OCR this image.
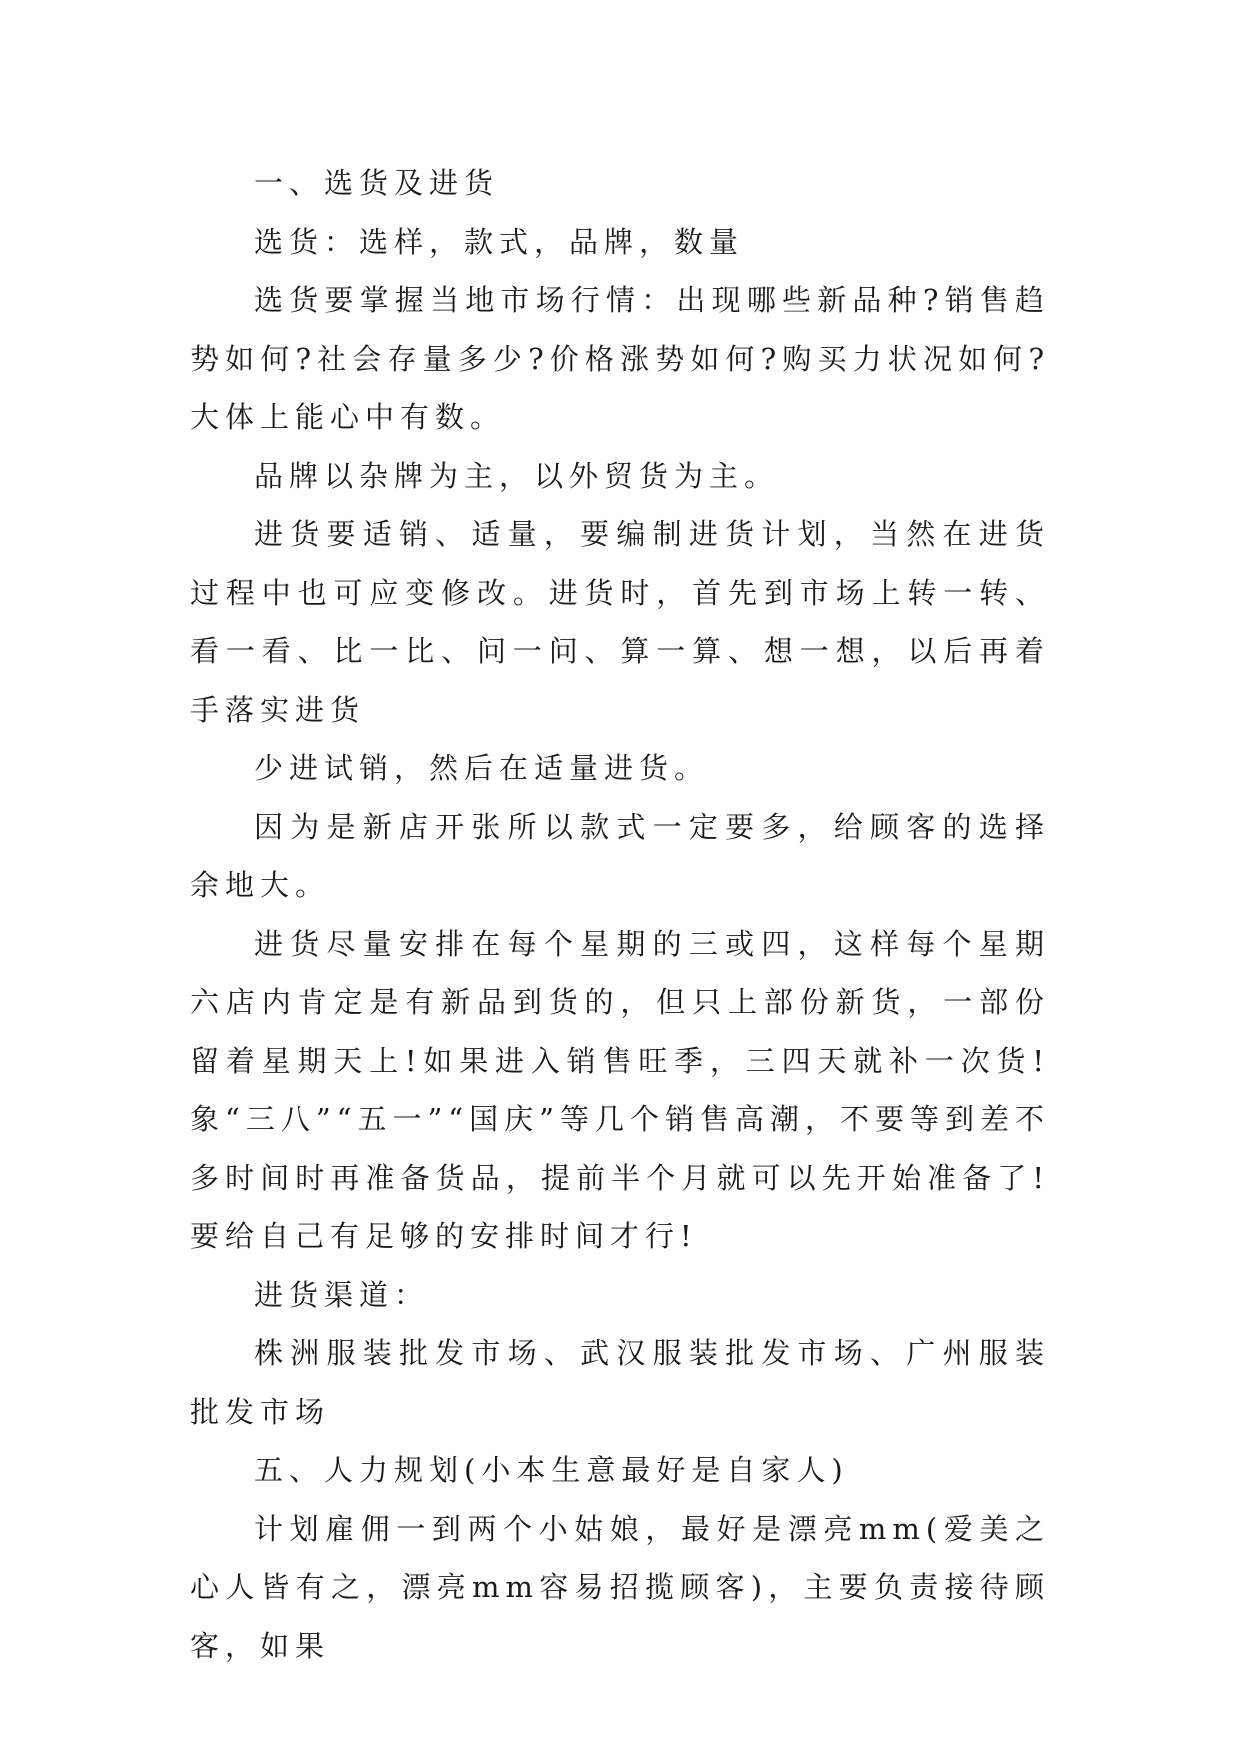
一、选货及进货

选货：选样，款式，品牌，数量

选货要掌握当地市场行情：出现哪些新品种?销售趋势如何?社会存量多少?价格涨势如何?购买力状况如何?大体上能心中有数。

品牌以杂牌为主，以外贸货为主。

进货要适销、适量，要编制进货计划，当然在进货过程中也可应变修改。进货时，首先到市场上转一转、看一看、比一比、问一问、算一算、想一想，以后再着手落实进货

少进试销，然后在适量进货。

因为是新店开张所以款式一定要多，给顾客的选择余地大。

进货尽量安排在每个星期的三或四，这样每个星期六店内肯定是有新品到货的，但只上部份新货，一部份留着星期天上!如果进入销售旺季，三四天就补一次货!象“三八”“五一”“国庆”等几个销售高潮，不要等到差不多时间时再准备货品，提前半个月就可以先开始准备了!要给自己有足够的安排时间才行!

进货渠道：

株洲服装批发市场、武汉服装批发市场、广州服装批发市场

五、人力规划(小本生意最好是自家人)

计划雇佣一到两个小姑娘，最好是漂亮mm(爱美之心人皆有之，漂亮mm容易招揽顾客)，主要负责接待顾客，如果
